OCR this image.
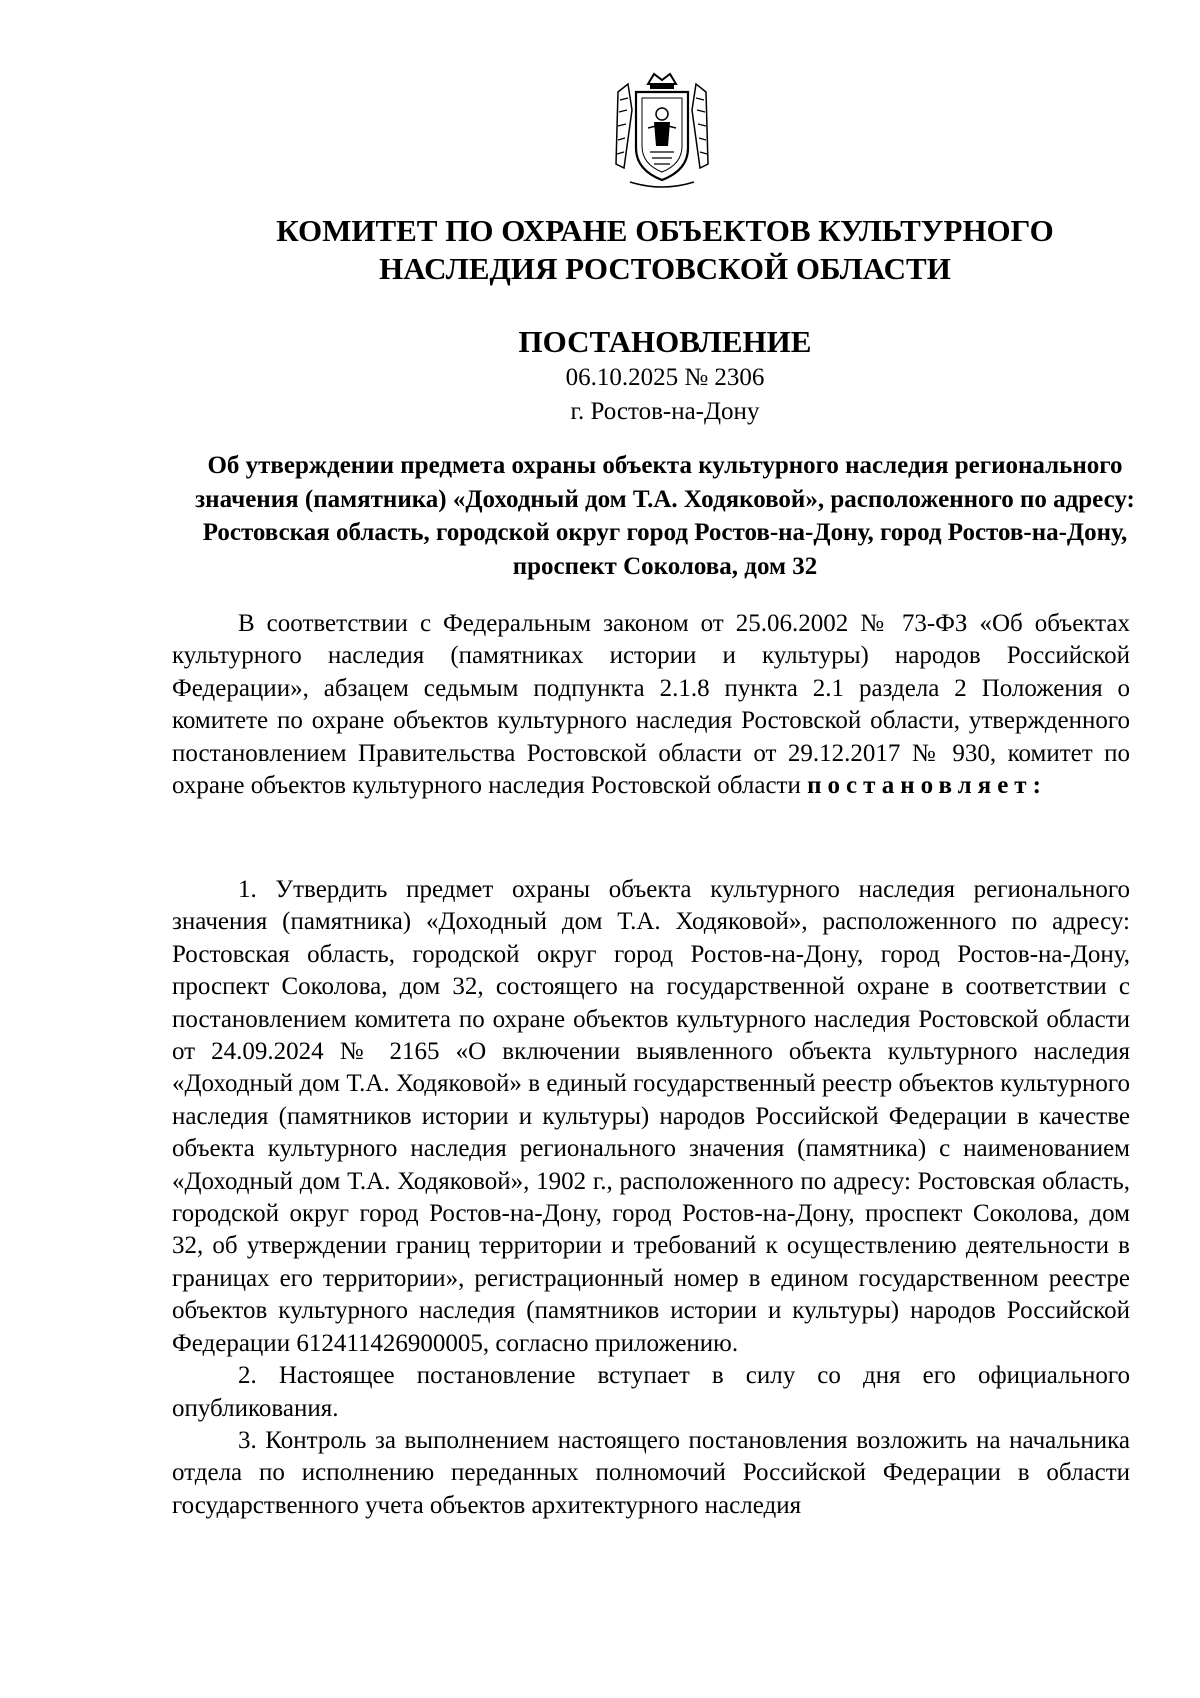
КОМИТЕТ ПО ОХРАНЕ ОБЪЕКТОВ КУЛЬТУРНОГО
НАСЛЕДИЯ РОСТОВСКОЙ ОБЛАСТИ
ПОСТАНОВЛЕНИЕ
06.10.2025 № 2306
г. Ростов-на-Дону
Об утверждении предмета охраны объекта культурного наследия регионального значения (памятника) «Доходный дом Т.А. Ходяковой», расположенного по адресу: Ростовская область, городской округ город Ростов-на-Дону, город Ростов-на-Дону, проспект Соколова, дом 32

В соответствии с Федеральным законом от 25.06.2002 № 73-ФЗ «Об объектах культурного наследия (памятниках истории и культуры) народов Российской Федерации», абзацем седьмым подпункта 2.1.8 пункта 2.1 раздела 2 Положения о комитете по охране объектов культурного наследия Ростовской области, утвержденного постановлением Правительства Ростовской области от 29.12.2017 № 930, комитет по охране объектов культурного наследия Ростовской области постановляет:

1. Утвердить предмет охраны объекта культурного наследия регионального значения (памятника) «Доходный дом Т.А. Ходяковой», расположенного по адресу: Ростовская область, городской округ город Ростов-на-Дону, город Ростов-на-Дону, проспект Соколова, дом 32, состоящего на государственной охране в соответствии с постановлением комитета по охране объектов культурного наследия Ростовской области от 24.09.2024 № 2165 «О включении выявленного объекта культурного наследия «Доходный дом Т.А. Ходяковой» в единый государственный реестр объектов культурного наследия (памятников истории и культуры) народов Российской Федерации в качестве объекта культурного наследия регионального значения (памятника) с наименованием «Доходный дом Т.А. Ходяковой», 1902 г., расположенного по адресу: Ростовская область, городской округ город Ростов-на-Дону, город Ростов-на-Дону, проспект Соколова, дом 32, об утверждении границ территории и требований к осуществлению деятельности в границах его территории», регистрационный номер в едином государственном реестре объектов культурного наследия (памятников истории и культуры) народов Российской Федерации 612411426900005, согласно приложению.

2. Настоящее постановление вступает в силу со дня его официального опубликования.

3. Контроль за выполнением настоящего постановления возложить на начальника отдела по исполнению переданных полномочий Российской Федерации в области государственного учета объектов архитектурного наследия
